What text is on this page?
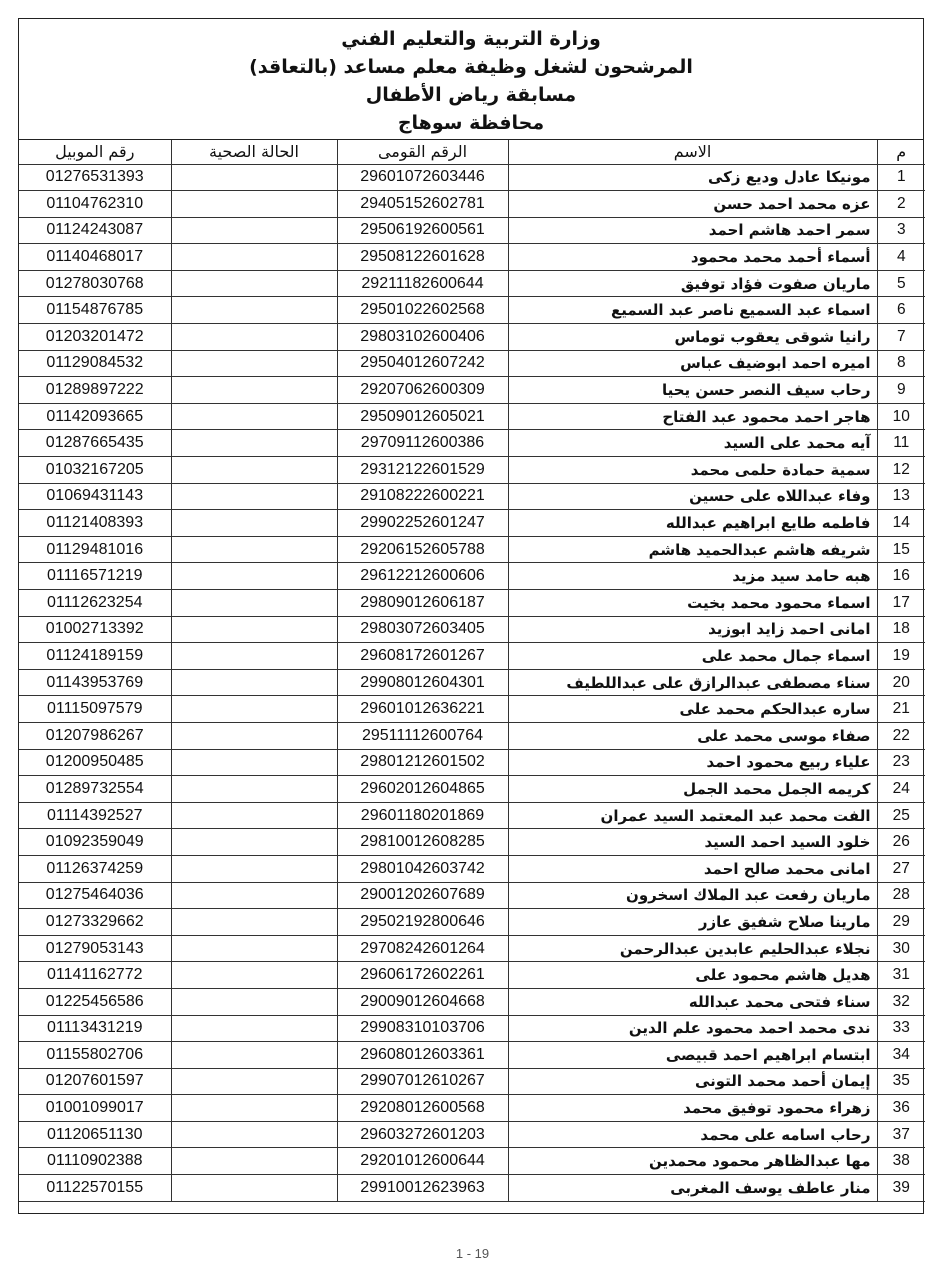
وزارة التربية والتعليم الفني
المرشحون لشغل وظيفة معلم مساعد (بالتعاقد)
مسابقة رياض الأطفال
محافظة سوهاج
م	الاسم	الرقم القومى	الحالة الصحية	رقم الموبيل
1	مونيكا عادل وديع زكى	29601072603446		01276531393
2	عزه محمد احمد حسن	29405152602781		01104762310
3	سمر احمد هاشم احمد	29506192600561		01124243087
4	أسماء أحمد محمد محمود	29508122601628		01140468017
5	ماريان صفوت فؤاد توفيق	29211182600644		01278030768
6	اسماء عبد السميع ناصر عبد السميع	29501022602568		01154876785
7	رانيا شوقى يعقوب توماس	29803102600406		01203201472
8	اميره احمد ابوضيف عباس	29504012607242		01129084532
9	رحاب سيف النصر حسن يحيا	29207062600309		01289897222
10	هاجر احمد محمود عبد الفتاح	29509012605021		01142093665
11	آيه محمد على السيد	29709112600386		01287665435
12	سمية حمادة حلمى محمد	29312122601529		01032167205
13	وفاء عبداللاه على حسين	29108222600221		01069431143
14	فاطمه طايع ابراهيم عبدالله	29902252601247		01121408393
15	شريفه هاشم عبدالحميد هاشم	29206152605788		01129481016
16	هبه حامد سيد مزيد	29612212600606		01116571219
17	اسماء محمود محمد بخيت	29809012606187		01112623254
18	امانى احمد زايد ابوزيد	29803072603405		01002713392
19	اسماء جمال محمد على	29608172601267		01124189159
20	سناء مصطفى عبدالرازق على عبداللطيف	29908012604301		01143953769
21	ساره عبدالحكم محمد على	29601012636221		01115097579
22	صفاء موسى محمد على	29511112600764		01207986267
23	علياء ربيع محمود احمد	29801212601502		01200950485
24	كريمه الجمل محمد الجمل	29602012604865		01289732554
25	الفت محمد عبد المعتمد السيد عمران	29601180201869		01114392527
26	خلود السيد احمد السيد	29810012608285		01092359049
27	امانى محمد صالح احمد	29801042603742		01126374259
28	ماريان رفعت عبد الملاك اسخرون	29001202607689		01275464036
29	مارينا صلاح شفيق عازر	29502192800646		01273329662
30	نجلاء عبدالحليم عابدين عبدالرحمن	29708242601264		01279053143
31	هديل هاشم محمود على	29606172602261		01141162772
32	سناء فتحى محمد عبدالله	29009012604668		01225456586
33	ندى محمد احمد محمود علم الدين	29908310103706		01113431219
34	ابتسام ابراهيم احمد قبيصى	29608012603361		01155802706
35	إيمان أحمد محمد التونى	29907012610267		01207601597
36	زهراء محمود توفيق محمد	29208012600568		01001099017
37	رحاب اسامه على محمد	29603272601203		01120651130
38	مها عبدالظاهر محمود محمدين	29201012600644		01110902388
39	منار عاطف يوسف المغربى	29910012623963		01122570155
1 - 19
